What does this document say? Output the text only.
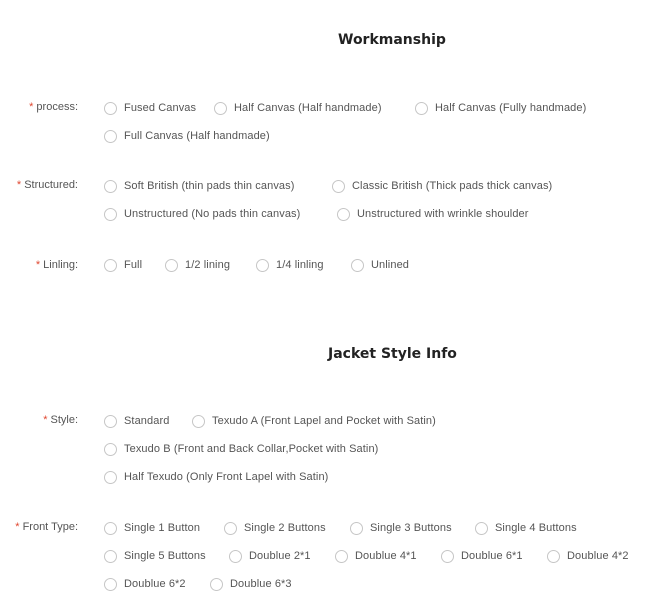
Workmanship
* process:	Fused Canvas	Half Canvas (Half handmade)	Half Canvas (Fully handmade)
Full Canvas (Half handmade)
* Structured:	Soft British (thin pads thin canvas)	Classic British (Thick pads thick canvas)
Unstructured (No pads thin canvas)	Unstructured with wrinkle shoulder
* Linling:	Full	1/2 lining	1/4 linling	Unlined
Jacket Style Info
* Style:	Standard	Texudo A (Front Lapel and Pocket with Satin)
Texudo B (Front and Back Collar,Pocket with Satin)
Half Texudo (Only Front Lapel with Satin)
* Front Type:	Single 1 Button	Single 2 Buttons	Single 3 Buttons	Single 4 Buttons
Single 5 Buttons	Doublue 2*1	Doublue 4*1	Doublue 6*1	Doublue 4*2
Doublue 6*2	Doublue 6*3
